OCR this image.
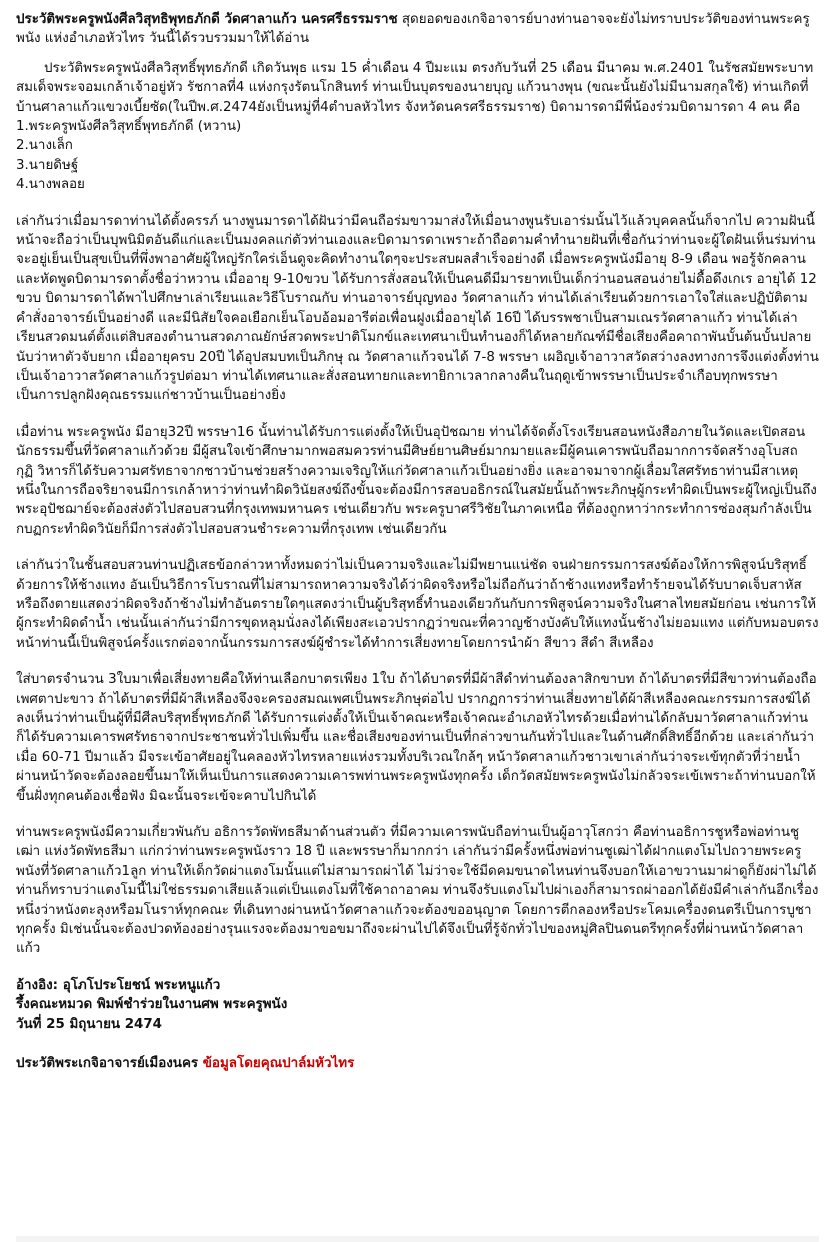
ประวัติพระครูพนังศีลวิสุทธิพุทธภักดี วัดศาลาแก้ว นครศรีธรรมราช สุดยอดของเกจิอาจารย์บางท่านอาจจะยังไม่ทราบประวัติของท่านพระครูพนัง แห่งอำเภอหัวไทร วันนี้ได้รวบรวมมาให้ได้อ่าน

ประวัติพระครูพนังศีลวิสุทธิ์พุทธภักดี เกิดวันพุธ แรม 15 ค่ำเดือน 4 ปีมะแม ตรงกับวันที่ 25 เดือน มีนาคม พ.ศ.2401 ในรัชสมัยพระบาทสมเด็จพระจอมเกล้าเจ้าอยู่หัว รัชกาลที่4 แห่งกรุงรัตนโกสินทร์ ท่านเป็นบุตรของนายบุญ แก้วนางพุน (ขณะนั้นยังไม่มีนามสกุลใช้) ท่านเกิดที่บ้านศาลาแก้วแขวงเบี้ยซัด(ในปีพ.ศ.2474ยังเป็นหมู่ที่4ตำบลหัวไทร จังหวัดนครศรีธรรมราช) บิดามารดามีพี่น้องร่วมบิดามารดา 4 คน คือ

1.พระครูพนังศีลวิสุทธิ์พุทธภักดี (หวาน)
2.นางเล็ก
3.นายดิษฐ์
4.นางพลอย

เล่ากันว่าเมื่อมารดาท่านได้ตั้งครรภ์ นางพูนมารดาได้ฝันว่ามีคนถือร่มขาวมาส่งให้เมื่อนางพูนรับเอาร่มนั้นไว้แล้วบุคคลนั้นก็จากไป ความฝันนี้หน้าจะถือว่าเป็นบุพนิมิตอันดีแก่และเป็นมงคลแก่ตัวท่านเองและบิดามารดาเพราะถ้าถือตามคำทำนายฝันที่เชื่อกันว่าท่านจะผู้ใดฝันเห็นร่มท่านจะอยู่เย็นเป็นสุขเป็นที่พึ่งพาอาศัยผู้ใหญ่รักใคร่เอ็นดูจะคิดทำงานใดๆจะประสบผลสำเร็จอย่างดี เมื่อพระครูพนังมีอายุ 8-9 เดือน พอรู้จักคลานและหัดพูดบิดามารดาตั้งชื่อว่าหวาน เมื่ออายุ 9-10ขวบ ได้รับการสั่งสอนให้เป็นคนดีมีมารยาทเป็นเด็กว่านอนสอนง่ายไม่ดื้อดึงเกเร อายุได้ 12 ขวบ บิดามารดาได้พาไปศึกษาเล่าเรียนและวิธีโบราณกับ ท่านอาจารย์บุญทอง วัดศาลาแก้ว ท่านได้เล่าเรียนด้วยการเอาใจใส่และปฏิบัติตามคำสั่งอาจารย์เป็นอย่างดี และมีนิสัยใจคอเยือกเย็นโอบอ้อมอารีต่อเพื่อนฝูงเมื่ออายุได้ 16ปี ได้บรรพชาเป็นสามเณรวัดศาลาแก้ว ท่านได้เล่าเรียนสวดมนต์ตั้งแต่สิบสองตำนานสวดภาณยักษ์สวดพระปาติโมกข์และเทศนาเป็นทำนองก็ได้หลายกัณฑ์มีชื่อเสียงคือคาถาพันบั้นต้นบั้นปลายนับว่าหาตัวจับยาก เมื่ออายุครบ 20ปี ได้อุปสมบทเป็นภิกษุ ณ วัดศาลาแก้วจนได้ 7-8 พรรษา เผอิญเจ้าอาวาสวัดสว่างลงทางการจึงแต่งตั้งท่านเป็นเจ้าอาวาสวัดศาลาแก้วรูปต่อมา ท่านได้เทศนาและสั่งสอนทายกและทายิกาเวลากลางคืนในฤดูเข้าพรรษาเป็นประจำเกือบทุกพรรษา เป็นการปลูกฝังคุณธรรมแก่ชาวบ้านเป็นอย่างยิ่ง

เมื่อท่าน พระครูพนัง มีอายุ32ปี พรรษา16 นั้นท่านได้รับการแต่งตั้งให้เป็นอุปัชฌาย ท่านได้จัดตั้งโรงเรียนสอนหนังสือภายในวัดและเปิดสอนนักธรรมขึ้นที่วัดศาลาแก้วด้วย มีผู้สนใจเข้าศึกษามากพอสมควรท่านมีศิษย์ยานศิษย์มากมายและมีผู้คนเคารพนับถือมากการจัดสร้างอุโบสถ กุฏิ วิหารก็ได้รับความศรัทธาจากชาวบ้านช่วยสร้างความเจริญให้แก่วัดศาลาแก้วเป็นอย่างยิ่ง และอาจมาจากผู้เลื่อมใสศรัทธาท่านมีสาเหตุหนึ่งในการถือจริยาจนมีการเกล้าหาว่าท่านทำผิดวินัยสงฆ์ถึงขั้นจะต้องมีการสอบอธิกรณ์ในสมัยนั้นถ้าพระภิกษุผู้กระทำผิดเป็นพระผู้ใหญ่เป็นถึงพระอุปัชฌาย์จะต้องส่งตัวไปสอบสวนที่กรุงเทพมหานคร เช่นเดียวกับ พระครูบาศรีวิชัยในภาคเหนือ ที่ต้องถูกหาว่ากระทำการซ่องสุมกำลังเป็นกบฏกระทำผิดวินัยก็มีการส่งตัวไปสอบสวนชำระความที่กรุงเทพ เช่นเดียวกัน

เล่ากันว่าในชั้นสอบสวนท่านปฏิเสธข้อกล่าวหาทั้งหมดว่าไม่เป็นความจริงและไม่มีพยานแน่ชัด จนฝ่ายกรรมการสงฆ์ต้องให้การพิสูจน์บริสุทธิ์ด้วยการให้ช้างแทง อันเป็นวิธีการโบราณที่ไม่สามารถหาความจริงได้ว่าผิดจริงหรือไม่ถือกันว่าถ้าช้างแทงหรือทำร้ายจนได้รับบาดเจ็บสาหัสหรือถึงตายแสดงว่าผิดจริงถ้าช้างไม่ทำอันตรายใดๆแสดงว่าเป็นผู้บริสุทธิ์ทำนองเดียวกันกับการพิสูจน์ความจริงในศาลไทยสมัยก่อน เช่นการให้ผู้กระทำผิดดำน้ำ เช่นนั้นเล่ากันว่ามีการขุดหลุมนั่งลงได้เพียงสะเอวปรากฏว่าขณะที่ควาญช้างบังคับให้แทงนั้นช้างไม่ยอมแทง แต่กับหมอบตรงหน้าท่านนี้เป็นพิสูจน์ครั้งแรกต่อจากนั้นกรรมการสงฆ์ผู้ชำระได้ทำการเสี่ยงทายโดยการนำผ้า สีขาว สีดำ สีเหลือง

ใส่บาตรจำนวน 3ใบมาเพื่อเสี่ยงทายคือให้ท่านเลือกบาตรเพียง 1ใบ ถ้าได้บาตรที่มีผ้าสีดำท่านต้องลาสิกขาบท ถ้าได้บาตรที่มีสีขาวท่านต้องถือเพศตาปะขาว ถ้าได้บาตรที่มีผ้าสีเหลืองจึงจะครองสมณเพศเป็นพระภิกษุต่อไป ปรากฏการว่าท่านเสี่ยงทายได้ผ้าสีเหลืองคณะกรรมการสงฆ์ได้ลงเห็นว่าท่านเป็นผู้ที่มีศีลบริสุทธิ์พุทธภักดี ได้รับการแต่งตั้งให้เป็นเจ้าคณะหรือเจ้าคณะอำเภอหัวไทรด้วยเมื่อท่านได้กลับมาวัดศาลาแก้วท่านก็ได้รับความเคารพศรัทธาจากประชาชนทั่วไปเพิ่มขึ้น และชื่อเสียงของท่านเป็นที่กล่าวขานกันทั่วไปและในด้านศักดิ์สิทธิ์อีกด้วย และเล่ากันว่า เมื่อ 60-71 ปีมาแล้ว มีจระเข้อาศัยอยู่ในคลองหัวไทรหลายแห่งรวมทั้งบริเวณใกล้ๆ หน้าวัดศาลาแก้วชาวเขาเล่ากันว่าจระเข้ทุกตัวที่ว่ายน้ำผ่านหน้าวัดจะต้องลอยขึ้นมาให้เห็นเป็นการแสดงความเคารพท่านพระครูพนังทุกครั้ง เด็กวัดสมัยพระครูพนังไม่กลัวจระเข้เพราะถ้าท่านบอกให้ขึ้นฝั่งทุกคนต้องเชื่อฟัง มิฉะนั้นจระเข้จะคาบไปกินได้

ท่านพระครูพนังมีความเกี่ยวพันกับ อธิการวัดพัทธสีมาด้านส่วนตัว ที่มีความเคารพนับถือท่านเป็นผู้อาวุโสกว่า คือท่านอธิการชูหรือพ่อท่านชูเฒ่า แห่งวัดพัทธสีมา แก่กว่าท่านพระครูพนังราว 18 ปี และพรรษาก็มากกว่า เล่ากันว่ามีครั้งหนึ่งพ่อท่านชูเฒ่าได้ฝากแตงโมไปถวายพระครูพนังที่วัดศาลาแก้ว1ลูก ท่านให้เด็กวัดผ่าแตงโมนั้นแต่ไม่สามารถผ่าได้ ไม่ว่าจะใช้มีดคมขนาดไหนท่านจึงบอกให้เอาขวานมาผ่าดูก็ยังผ่าไม่ได้ ท่านก็ทราบว่าแตงโมนี้ไม่ใช่ธรรมดาเสียแล้วแต่เป็นแตงโมที่ใช้คาถาอาคม ท่านจึงรับแตงโมไปผ่าเองก็สามารถผ่าออกได้ยังมีคำเล่ากันอีกเรื่องหนึ่งว่าหนังตะลุงหรือมโนราห์ทุกคณะ ที่เดินทางผ่านหน้าวัดศาลาแก้วจะต้องขออนุญาต โดยการตีกลองหรือประโคมเครื่องดนตรีเป็นการบูชาทุกครั้ง มิเช่นนั้นจะต้องปวดท้องอย่างรุนแรงจะต้องมาขอขมาถึงจะผ่านไปได้จึงเป็นที่รู้จักทั่วไปของหมู่ศิลปินดนตรีทุกครั้งที่ผ่านหน้าวัดศาลาแก้ว

อ้างอิง: อุโภโประโยชน์ พระหนูแก้ว
รึ้งคณะหมวด พิมพ์ชำร่วยในงานศพ พระครูพนัง
วันที่ 25 มิถุนายน 2474

ประวัติพระเกจิอาจารย์เมืองนคร ข้อมูลโดยคุณปาล์มหัวไทร
